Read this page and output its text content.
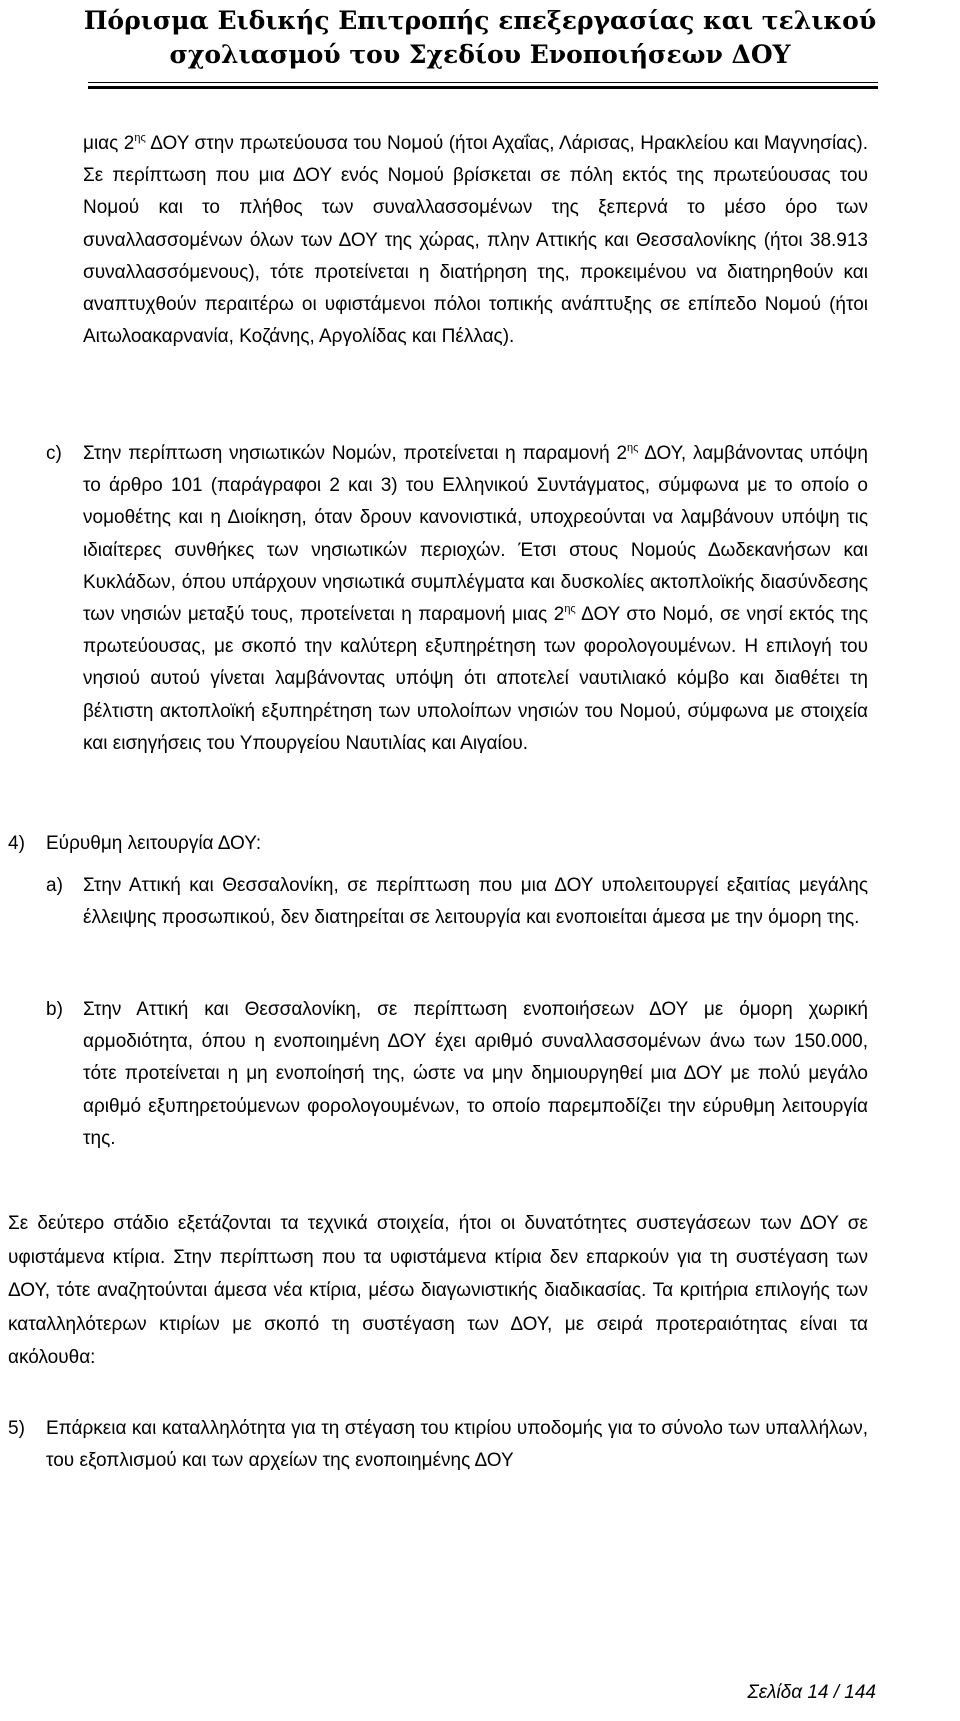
Πόρισμα Ειδικής Επιτροπής επεξεργασίας και τελικού
σχολιασμού του Σχεδίου Ενοποιήσεων ΔΟΥ
μιας $2^{\eta\varsigma}$ ΔΟΥ στην πρωτεύουσα του Νομού (ήτοι Αχαΐας, Λάρισας, Ηρακλείου και Μαγνησίας). Σε περίπτωση που μια ΔΟΥ ενός Νομού βρίσκεται σε πόλη εκτός της πρωτεύουσας του Νομού και το πλήθος των συναλλασσομένων της ξεπερνά το μέσο όρο των συναλλασσομένων όλων των ΔΟΥ της χώρας, πλην Αττικής και Θεσσαλονίκης (ήτοι 38.913 συναλλασσόμενους), τότε προτείνεται η διατήρηση της, προκειμένου να διατηρηθούν και αναπτυχθούν περαιτέρω οι υφιστάμενοι πόλοι τοπικής ανάπτυξης σε επίπεδο Νομού (ήτοι Αιτωλοακαρνανία, Κοζάνης, Αργολίδας και Πέλλας).
c) Στην περίπτωση νησιωτικών Νομών, προτείνεται η παραμονή $2^{\eta\varsigma}$ ΔΟΥ, λαμβάνοντας υπόψη το άρθρο 101 (παράγραφοι 2 και 3) του Ελληνικού Συντάγματος, σύμφωνα με το οποίο ο νομοθέτης και η Διοίκηση, όταν δρουν κανονιστικά, υποχρεούνται να λαμβάνουν υπόψη τις ιδιαίτερες συνθήκες των νησιωτικών περιοχών. Έτσι στους Νομούς Δωδεκανήσων και Κυκλάδων, όπου υπάρχουν νησιωτικά συμπλέγματα και δυσκολίες ακτοπλοϊκής διασύνδεσης των νησιών μεταξύ τους, προτείνεται η παραμονή μιας $2^{\eta\varsigma}$ ΔΟΥ στο Νομό, σε νησί εκτός της πρωτεύουσας, με σκοπό την καλύτερη εξυπηρέτηση των φορολογουμένων. Η επιλογή του νησιού αυτού γίνεται λαμβάνοντας υπόψη ότι αποτελεί ναυτιλιακό κόμβο και διαθέτει τη βέλτιστη ακτοπλοϊκή εξυπηρέτηση των υπολοίπων νησιών του Νομού, σύμφωνα με στοιχεία και εισηγήσεις του Υπουργείου Ναυτιλίας και Αιγαίου.
4) Εύρυθμη λειτουργία ΔΟΥ:
a) Στην Αττική και Θεσσαλονίκη, σε περίπτωση που μια ΔΟΥ υπολειτουργεί εξαιτίας μεγάλης έλλειψης προσωπικού, δεν διατηρείται σε λειτουργία και ενοποιείται άμεσα με την όμορη της.
b) Στην Αττική και Θεσσαλονίκη, σε περίπτωση ενοποιήσεων ΔΟΥ με όμορη χωρική αρμοδιότητα, όπου η ενοποιημένη ΔΟΥ έχει αριθμό συναλλασσομένων άνω των 150.000, τότε προτείνεται η μη ενοποίησή της, ώστε να μην δημιουργηθεί μια ΔΟΥ με πολύ μεγάλο αριθμό εξυπηρετούμενων φορολογουμένων, το οποίο παρεμποδίζει την εύρυθμη λειτουργία της.
Σε δεύτερο στάδιο εξετάζονται τα τεχνικά στοιχεία, ήτοι οι δυνατότητες συστεγάσεων των ΔΟΥ σε υφιστάμενα κτίρια. Στην περίπτωση που τα υφιστάμενα κτίρια δεν επαρκούν για τη συστέγαση των ΔΟΥ, τότε αναζητούνται άμεσα νέα κτίρια, μέσω διαγωνιστικής διαδικασίας. Τα κριτήρια επιλογής των καταλληλότερων κτιρίων με σκοπό τη συστέγαση των ΔΟΥ, με σειρά προτεραιότητας είναι τα ακόλουθα:
5) Επάρκεια και καταλληλότητα για τη στέγαση του κτιρίου υποδομής για το σύνολο των υπαλλήλων, του εξοπλισμού και των αρχείων της ενοποιημένης ΔΟΥ
Σελίδα 14 / 144
